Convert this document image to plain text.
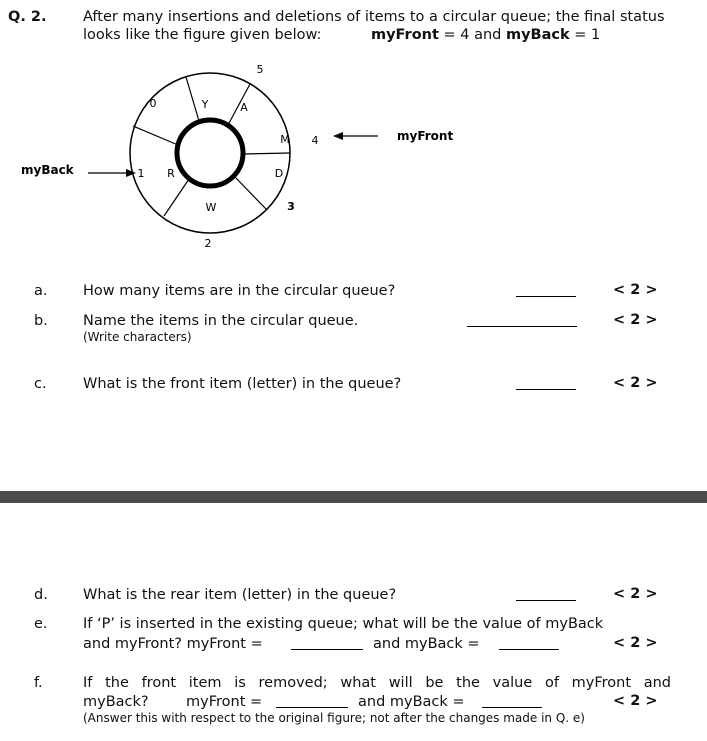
Q. 2.	After many insertions and deletions of items to a circular queue; the final status
looks like the figure given below:	myFront = 4 and myBack = 1
Y	A
M
D
W
R
0
5
4
3
2
1
myFront
myBack
a. How many items are in the circular queue?	< 2 >
b. Name the items in the circular queue.
(Write characters)
< 2 >
c.	What is the front item (letter) in the queue?	< 2 >
d. What is the rear item (letter) in the queue?	< 2 >
e. If ‘P’ is inserted in the existing queue; what will be the value of myBack
and myFront? myFront =	and myBack =	< 2 >
f.	If the front item is removed; what will be the value of myFront and
myBack?	myFront =	and myBack =	< 2 >
(Answer this with respect to the original figure; not after the changes made in Q. e)
